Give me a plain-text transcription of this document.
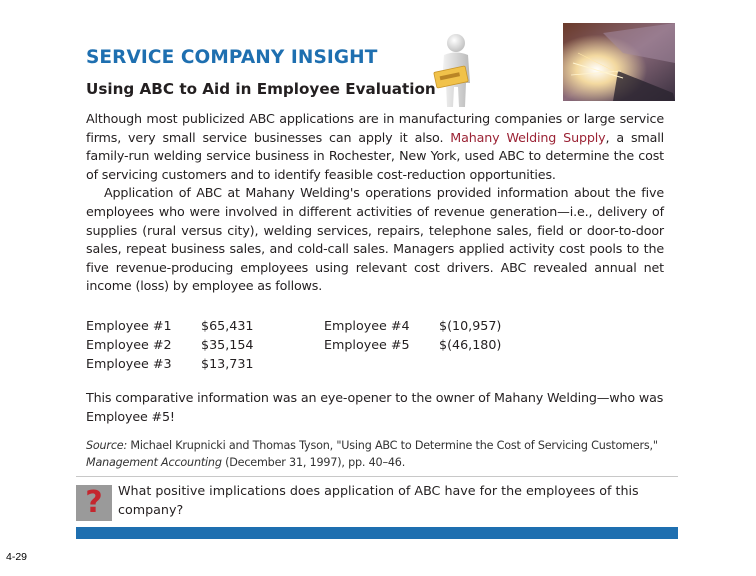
SERVICE COMPANY INSIGHT
Using ABC to Aid in Employee Evaluation

Although most publicized ABC applications are in manufacturing companies or large service firms, very small service businesses can apply it also. Mahany Welding Supply, a small family-run welding service business in Rochester, New York, used ABC to determine the cost of servicing customers and to identify feasible cost-reduction opportunities.

Application of ABC at Mahany Welding's operations provided information about the five employees who were involved in different activities of revenue generation—i.e., delivery of supplies (rural versus city), welding services, repairs, telephone sales, field or door-to-door sales, repeat business sales, and cold-call sales. Managers applied activity cost pools to the five revenue-producing employees using relevant cost drivers. ABC revealed annual net income (loss) by employee as follows.

Employee #1
Employee #2
Employee #3
$65,431
$35,154
$13,731
Employee #4
Employee #5
$(10,957)
$(46,180)
This comparative information was an eye-opener to the owner of Mahany Welding—who was Employee #5!
Source: Michael Krupnicki and Thomas Tyson, "Using ABC to Determine the Cost of Servicing Customers," Management Accounting (December 31, 1997), pp. 40–46.
?	What positive implications does application of ABC have for the employees of this company?
4-29
